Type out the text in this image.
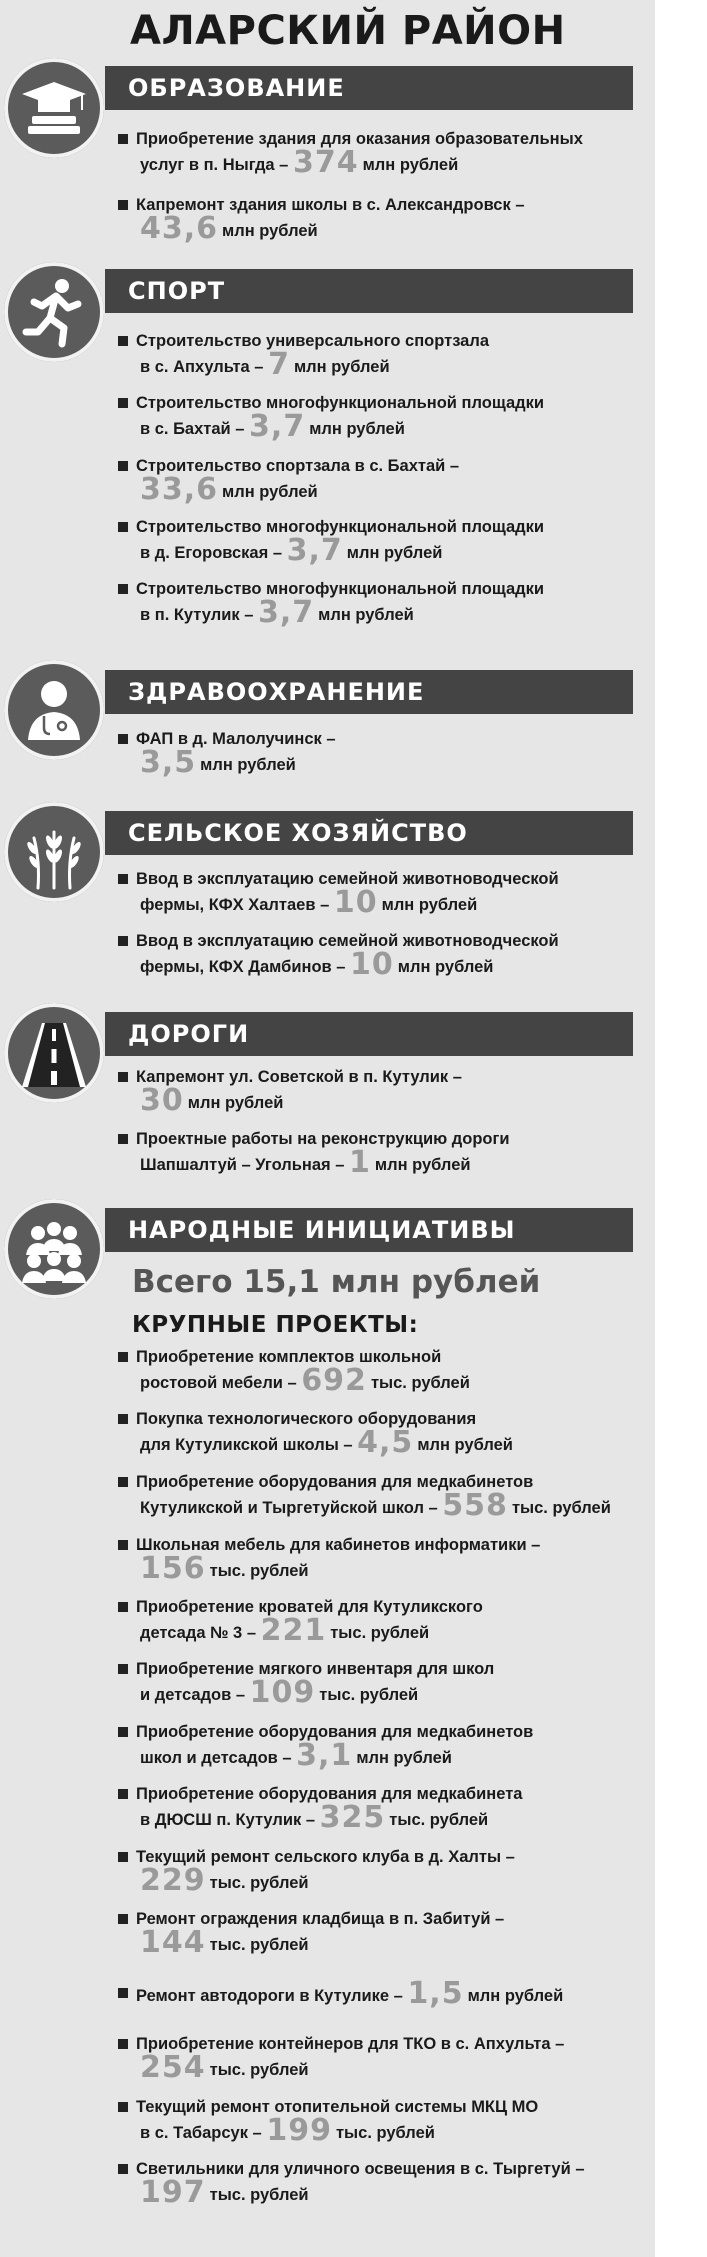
АЛАРСКИЙ РАЙОН
ОБРАЗОВАНИЕ
Приобретение здания для оказания образовательных
услуг в п. Ныгда – 374 млн рублей
Капремонт здания школы в с. Александровск –
43,6 млн рублей
СПОРТ
Строительство универсального спортзала
в с. Апхульта – 7 млн рублей
Строительство многофункциональной площадки
в с. Бахтай – 3,7 млн рублей
Строительство спортзала в с. Бахтай –
33,6 млн рублей
Строительство многофункциональной площадки
в д. Егоровская – 3,7 млн рублей
Строительство многофункциональной площадки
в п. Кутулик – 3,7 млн рублей
ЗДРАВООХРАНЕНИЕ
ФАП в д. Малолучинск –
3,5 млн рублей
СЕЛЬСКОЕ ХОЗЯЙСТВО
Ввод в эксплуатацию семейной животноводческой
фермы, КФХ Халтаев – 10 млн рублей
Ввод в эксплуатацию семейной животноводческой
фермы, КФХ Дамбинов – 10 млн рублей
ДОРОГИ
Капремонт ул. Советской в п. Кутулик –
30 млн рублей
Проектные работы на реконструкцию дороги
Шапшалтуй – Угольная – 1 млн рублей
НАРОДНЫЕ ИНИЦИАТИВЫ
Всего 15,1 млн рублей
КРУПНЫЕ ПРОЕКТЫ:
Приобретение комплектов школьной
ростовой мебели – 692 тыс. рублей
Покупка технологического оборудования
для Кутуликской школы – 4,5 млн рублей
Приобретение оборудования для медкабинетов
Кутуликской и Тыргетуйской школ – 558 тыс. рублей
Школьная мебель для кабинетов информатики –
156 тыс. рублей
Приобретение кроватей для Кутуликского
детсада № 3 – 221 тыс. рублей
Приобретение мягкого инвентаря для школ
и детсадов – 109 тыс. рублей
Приобретение оборудования для медкабинетов
школ и детсадов – 3,1 млн рублей
Приобретение оборудования для медкабинета
в ДЮСШ п. Кутулик – 325 тыс. рублей
Текущий ремонт сельского клуба в д. Халты –
229 тыс. рублей
Ремонт ограждения кладбища в п. Забитуй –
144 тыс. рублей
Ремонт автодороги в Кутулике – 1,5 млн рублей
Приобретение контейнеров для ТКО в с. Апхульта –
254 тыс. рублей
Текущий ремонт отопительной системы МКЦ МО
в с. Табарсук – 199 тыс. рублей
Светильники для уличного освещения в с. Тыргетуй –
197 тыс. рублей
